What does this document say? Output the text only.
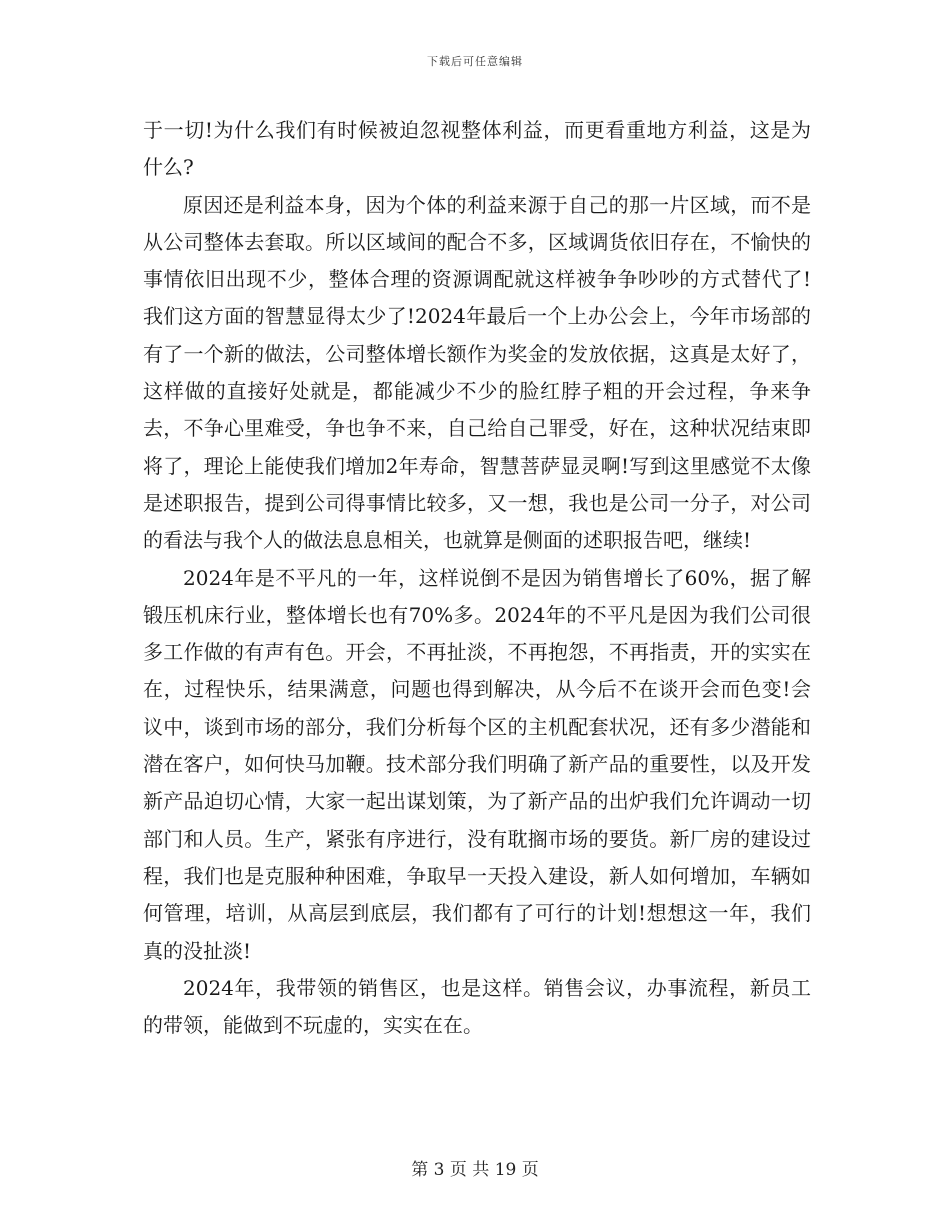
下载后可任意编辑

于一切!为什么我们有时候被迫忽视整体利益，而更看重地方利益，这是为什么?

原因还是利益本身，因为个体的利益来源于自己的那一片区域，而不是从公司整体去套取。所以区域间的配合不多，区域调货依旧存在，不愉快的事情依旧出现不少，整体合理的资源调配就这样被争争吵吵的方式替代了!我们这方面的智慧显得太少了!2024年最后一个上办公会上，今年市场部的有了一个新的做法，公司整体增长额作为奖金的发放依据，这真是太好了，这样做的直接好处就是，都能减少不少的脸红脖子粗的开会过程，争来争去，不争心里难受，争也争不来，自己给自己罪受，好在，这种状况结束即将了，理论上能使我们增加2年寿命，智慧菩萨显灵啊!写到这里感觉不太像是述职报告，提到公司得事情比较多，又一想，我也是公司一分子，对公司的看法与我个人的做法息息相关，也就算是侧面的述职报告吧，继续!

2024年是不平凡的一年，这样说倒不是因为销售增长了60%，据了解锻压机床行业，整体增长也有70%多。2024年的不平凡是因为我们公司很多工作做的有声有色。开会，不再扯淡，不再抱怨，不再指责，开的实实在在，过程快乐，结果满意，问题也得到解决，从今后不在谈开会而色变!会议中，谈到市场的部分，我们分析每个区的主机配套状况，还有多少潜能和潜在客户，如何快马加鞭。技术部分我们明确了新产品的重要性，以及开发新产品迫切心情，大家一起出谋划策，为了新产品的出炉我们允许调动一切部门和人员。生产，紧张有序进行，没有耽搁市场的要货。新厂房的建设过程，我们也是克服种种困难，争取早一天投入建设，新人如何增加，车辆如何管理，培训，从高层到底层，我们都有了可行的计划!想想这一年，我们真的没扯淡!

2024年，我带领的销售区，也是这样。销售会议，办事流程，新员工的带领，能做到不玩虚的，实实在在。

第 3 页 共 19 页
